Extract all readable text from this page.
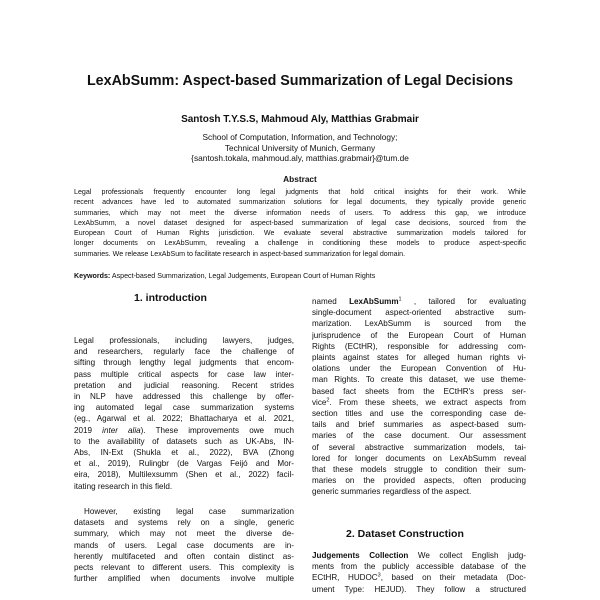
LexAbSumm: Aspect-based Summarization of Legal Decisions
Santosh T.Y.S.S, Mahmoud Aly, Matthias Grabmair
School of Computation, Information, and Technology;
Technical University of Munich, Germany
{santosh.tokala, mahmoud.aly, matthias.grabmair}@tum.de
Abstract
Legal professionals frequently encounter long legal judgments that hold critical insights for their work. While
recent advances have led to automated summarization solutions for legal documents, they typically provide generic
summaries, which may not meet the diverse information needs of users. To address this gap, we introduce
LexAbSumm, a novel dataset designed for aspect-based summarization of legal case decisions, sourced from the
European Court of Human Rights jurisdiction. We evaluate several abstractive summarization models tailored for
longer documents on LexAbSumm, revealing a challenge in conditioning these models to produce aspect-specific
summaries. We release LexAbSum to facilitate research in aspect-based summarization for legal domain.
Keywords: Aspect-based Summarization, Legal Judgements, European Court of Human Rights
1. introduction
Legal professionals, including lawyers, judges,
and researchers, regularly face the challenge of
sifting through lengthy legal judgments that encom-
pass multiple critical aspects for case law inter-
pretation and judicial reasoning. Recent strides
in NLP have addressed this challenge by offer-
ing automated legal case summarization systems
(eg., Agarwal et al. 2022; Bhattacharya et al. 2021,
2019 inter alia). These improvements owe much
to the availability of datasets such as UK-Abs, IN-
Abs, IN-Ext (Shukla et al., 2022), BVA (Zhong
et al., 2019), Rulingbr (de Vargas Feijó and Mor-
eira, 2018), Multilexsumm (Shen et al., 2022) facil-
itating research in this field.
However, existing legal case summarization
datasets and systems rely on a single, generic
summary, which may not meet the diverse de-
mands of users. Legal case documents are in-
herently multifaceted and often contain distinct as-
pects relevant to different users. This complexity is
further amplified when documents involve multiple
named LexAbSumm$^1$ , tailored for evaluating
single-document aspect-oriented abstractive sum-
marization. LexAbSumm is sourced from the
jurisprudence of the European Court of Human
Rights (ECtHR), responsible for addressing com-
plaints against states for alleged human rights vi-
olations under the European Convention of Hu-
man Rights. To create this dataset, we use theme-
based fact sheets from the ECtHR's press ser-
vice$^2$. From these sheets, we extract aspects from
section titles and use the corresponding case de-
tails and brief summaries as aspect-based sum-
maries of the case document. Our assessment
of several abstractive summarization models, tai-
lored for longer documents on LexAbSumm reveal
that these models struggle to condition their sum-
maries on the provided aspects, often producing
generic summaries regardless of the aspect.
2. Dataset Construction
Judgements Collection We collect English judg-
ments from the publicly accessible database of the
ECtHR, HUDOC$^3$, based on their metadata (Doc-
ument Type: HEJUD). They follow a structured
